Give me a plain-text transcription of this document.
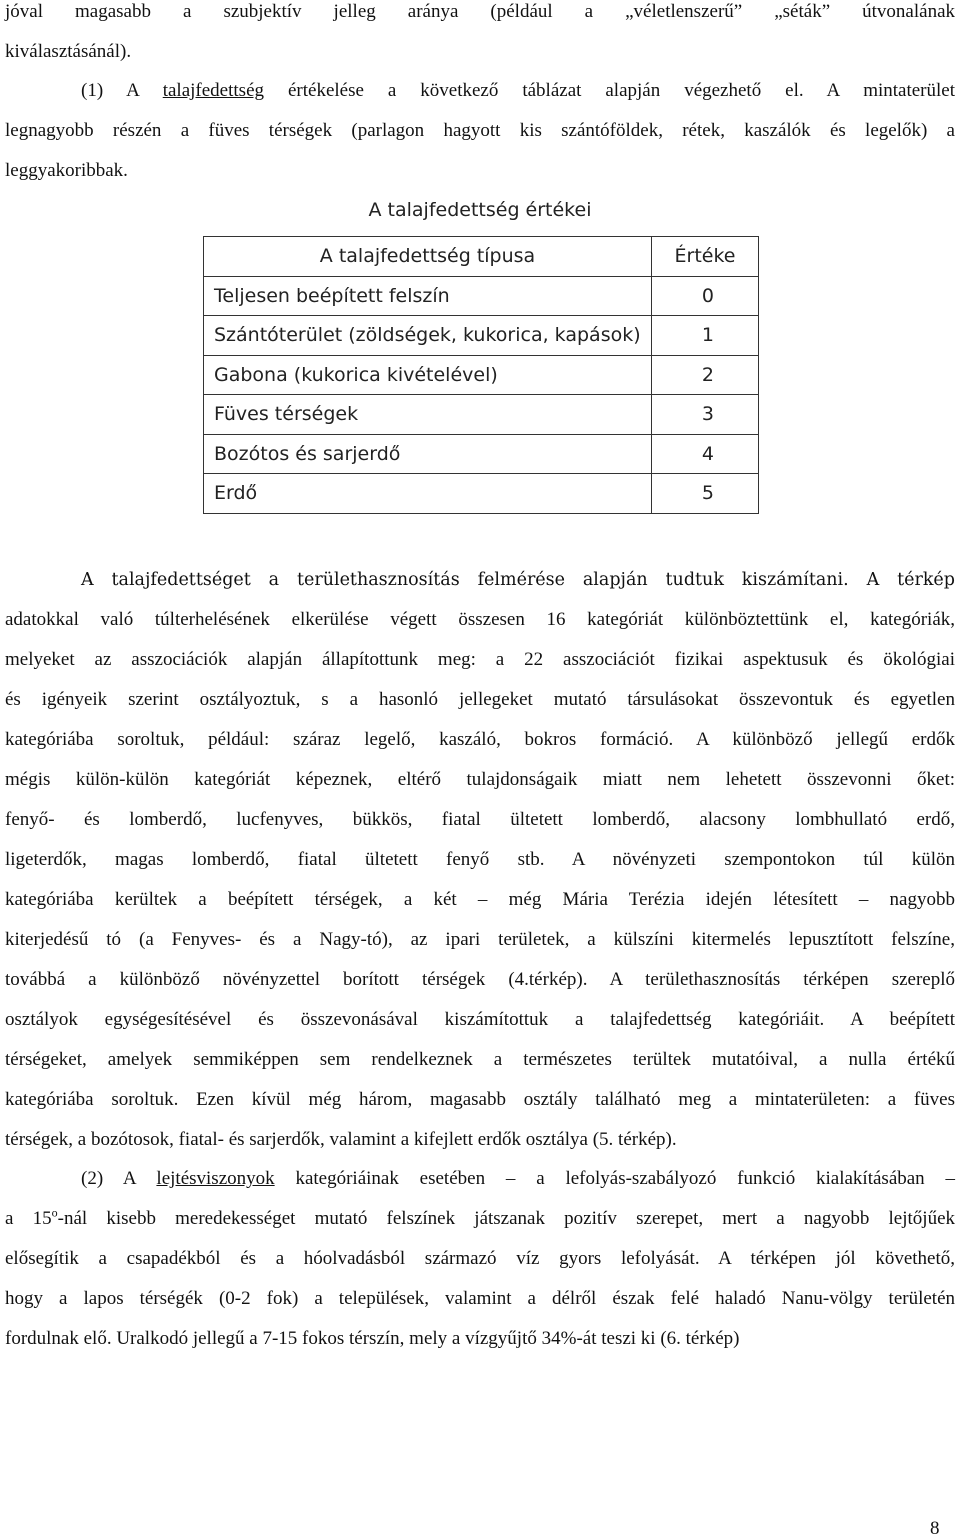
jóval magasabb a szubjektív jelleg aránya (például a „véletlenszerű” „séták” útvonalának
kiválasztásánál).
(1) A talajfedettség értékelése a következő táblázat alapján végezhető el. A mintaterület
legnagyobb részén a füves térségek (parlagon hagyott kis szántóföldek, rétek, kaszálók és legelők) a
leggyakoribbak.
A talajfedettség értékei
A talajfedettség típusa	Értéke
Teljesen beépített felszín	0
Szántóterület (zöldségek, kukorica, kapások)	1
Gabona (kukorica kivételével)	2
Füves térségek	3
Bozótos és sarjerdő	4
Erdő	5
A talajfedettséget a területhasznosítás felmérése alapján tudtuk kiszámítani. A térkép
adatokkal való túlterhelésének elkerülése végett összesen 16 kategóriát különböztettünk el, kategóriák,
melyeket az asszociációk alapján állapítottunk meg: a 22 asszociációt fizikai aspektusuk és ökológiai
és igényeik szerint osztályoztuk, s a hasonló jellegeket mutató társulásokat összevontuk és egyetlen
kategóriába soroltuk, például: száraz legelő, kaszáló, bokros formáció. A különböző jellegű erdők
mégis külön-külön kategóriát képeznek, eltérő tulajdonságaik miatt nem lehetett összevonni őket:
fenyő- és lomberdő, lucfenyves, bükkös, fiatal ültetett lomberdő, alacsony lombhullató erdő,
ligeterdők, magas lomberdő, fiatal ültetett fenyő stb. A növényzeti szempontokon túl külön
kategóriába kerültek a beépített térségek, a két – még Mária Terézia idején létesített – nagyobb
kiterjedésű tó (a Fenyves- és a Nagy-tó), az ipari területek, a külszíni kitermelés lepusztított felszíne,
továbbá a különböző növényzettel borított térségek (4.térkép). A területhasznosítás térképen szereplő
osztályok egységesítésével és összevonásával kiszámítottuk a talajfedettség kategóriáit. A beépített
térségeket, amelyek semmiképpen sem rendelkeznek a természetes terültek mutatóival, a nulla értékű
kategóriába soroltuk. Ezen kívül még három, magasabb osztály található meg a mintaterületen: a füves
térségek, a bozótosok, fiatal- és sarjerdők, valamint a kifejlett erdők osztálya (5. térkép).
(2) A lejtésviszonyok kategóriáinak esetében – a lefolyás-szabályozó funkció kialakításában –
a 15$^o$-nál kisebb meredekességet mutató felszínek játszanak pozitív szerepet, mert a nagyobb lejtőjűek
elősegítik a csapadékból és a hóolvadásból származó víz gyors lefolyását. A térképen jól követhető,
hogy a lapos térségék (0-2 fok) a települések, valamint a délről észak felé haladó Nanu-völgy területén
fordulnak elő. Uralkodó jellegű a 7-15 fokos térszín, mely a vízgyűjtő 34%-át teszi ki (6. térkép)
8
